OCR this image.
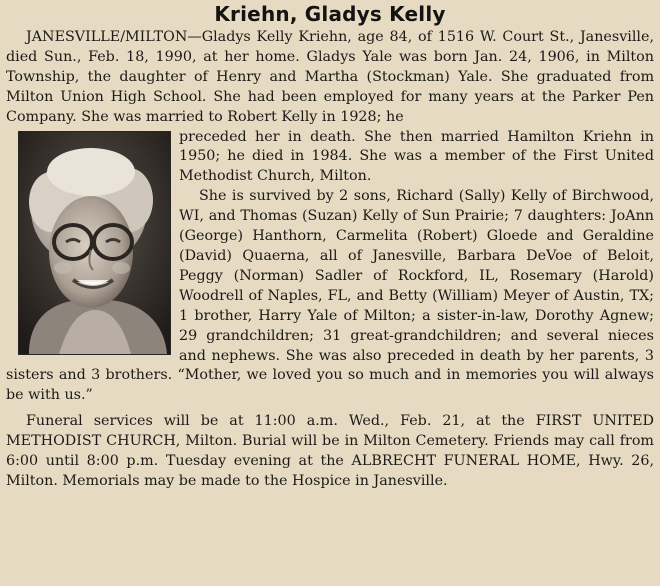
Kriehn, Gladys Kelly

JANESVILLE/MILTON—Gladys Kelly Kriehn, age 84, of 1516 W. Court St., Janesville, died Sun., Feb. 18, 1990, at her home. Gladys Yale was born Jan. 24, 1906, in Milton Township, the daughter of Henry and Martha (Stockman) Yale. She graduated from Milton Union High School. She had been employed for many years at the Parker Pen Company. She was married to Robert Kelly in 1928; he

preceded her in death. She then married Hamilton Kriehn in 1950; he died in 1984. She was a member of the First United Methodist Church, Milton.

She is survived by 2 sons, Richard (Sally) Kelly of Birchwood, WI, and Thomas (Suzan) Kelly of Sun Prairie; 7 daughters: JoAnn (George) Hanthorn, Carmelita (Robert) Gloede and Geraldine (David) Quaerna, all of Janesville, Barbara DeVoe of Beloit, Peggy (Norman) Sadler of Rockford, IL, Rosemary (Harold) Woodrell of Naples, FL, and Betty (William) Meyer of Austin, TX; 1 brother, Harry Yale of Milton; a sister-in-law, Dorothy Agnew; 29 grandchildren; 31 great-grandchildren; and several nieces and nephews. She was also preceded in death by her parents, 3 sisters and 3 brothers. “Mother, we loved you so much and in memories you will always be with us.”

Funeral services will be at 11:00 a.m. Wed., Feb. 21, at the FIRST UNITED METHODIST CHURCH, Milton. Burial will be in Milton Cemetery. Friends may call from 6:00 until 8:00 p.m. Tuesday evening at the ALBRECHT FUNERAL HOME, Hwy. 26, Milton. Memorials may be made to the Hospice in Janesville.
